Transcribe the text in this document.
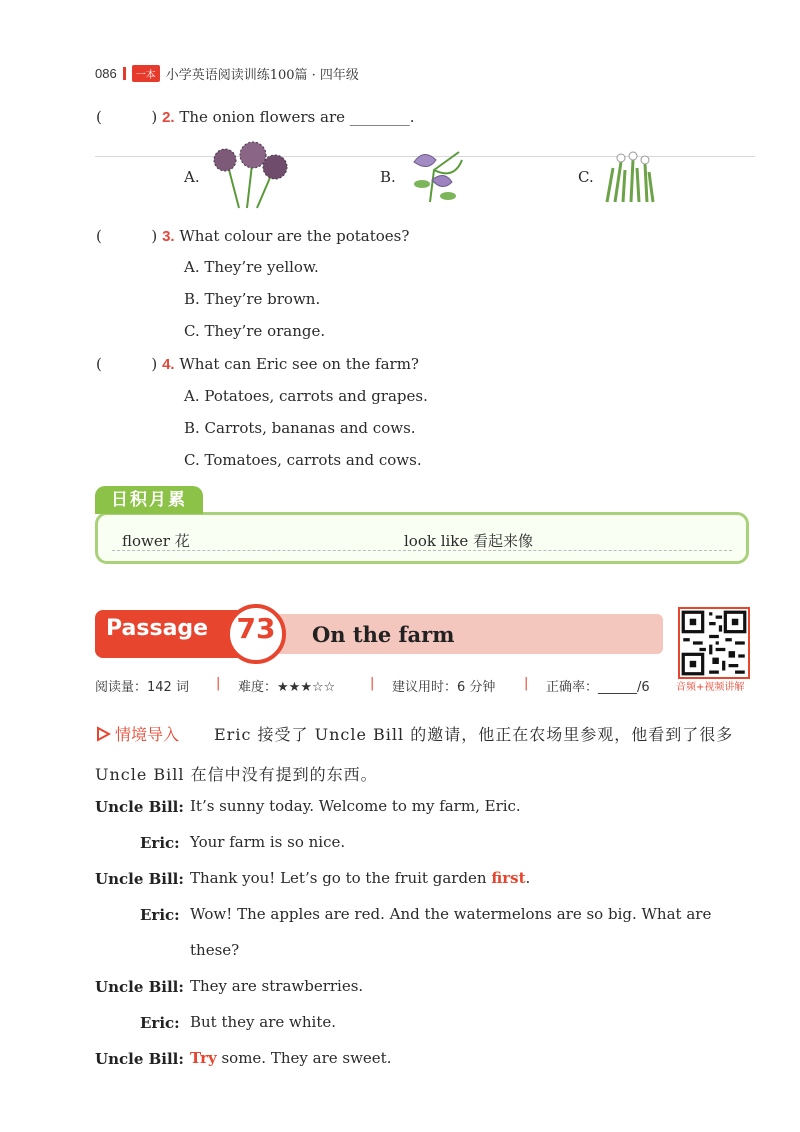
086	一本 小学英语阅读训练100篇 · 四年级
(	) 2. The onion flowers are ________.
A.	B.	C.
(	) 3. What colour are the potatoes?
A. They’re yellow.
B. They’re brown.
C. They’re orange.
(	) 4. What can Eric see on the farm?
A. Potatoes, carrots and grapes.
B. Carrots, bananas and cows.
C. Tomatoes, carrots and cows.
日积月累
flower 花	look like 看起来像
Passage	73	On the farm
音频+视频讲解
阅读量：142 词 | 难度：★★★☆☆	| 建议用时：6 分钟 | 正确率：______/6
情境导入 Eric 接受了 Uncle Bill 的邀请，他正在农场里参观，他看到了很多
Uncle Bill 在信中没有提到的东西。
Uncle Bill: It’s sunny today. Welcome to my farm, Eric.
Eric: Your farm is so nice.
Uncle Bill: Thank you! Let’s go to the fruit garden first.
Eric: Wow! The apples are red. And the watermelons are so big. What are
these?
Uncle Bill: They are strawberries.
Eric: But they are white.
Uncle Bill: Try some. They are sweet.
